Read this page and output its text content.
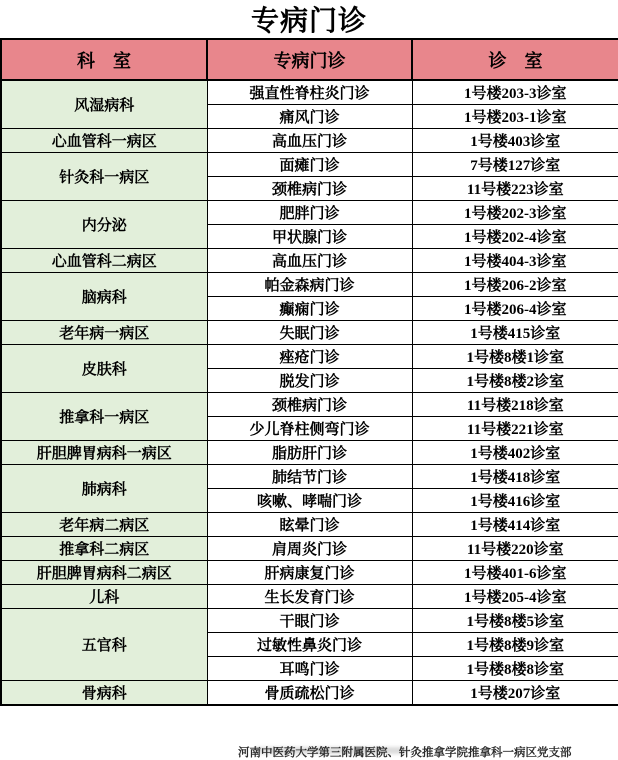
专病门诊
科　室	专病门诊	诊　室
风湿病科	强直性脊柱炎门诊	1号楼203-3诊室
	痛风门诊	1号楼203-1诊室
心血管科一病区	高血压门诊	1号楼403诊室
针灸科一病区	面瘫门诊	7号楼127诊室
	颈椎病门诊	11号楼223诊室
内分泌	肥胖门诊	1号楼202-3诊室
	甲状腺门诊	1号楼202-4诊室
心血管科二病区	高血压门诊	1号楼404-3诊室
脑病科	帕金森病门诊	1号楼206-2诊室
	癫痫门诊	1号楼206-4诊室
老年病一病区	失眠门诊	1号楼415诊室
皮肤科	痤疮门诊	1号楼8楼1诊室
	脱发门诊	1号楼8楼2诊室
推拿科一病区	颈椎病门诊	11号楼218诊室
	少儿脊柱侧弯门诊	11号楼221诊室
肝胆脾胃病科一病区	脂肪肝门诊	1号楼402诊室
肺病科	肺结节门诊	1号楼418诊室
	咳嗽、哮喘门诊	1号楼416诊室
老年病二病区	眩晕门诊	1号楼414诊室
推拿科二病区	肩周炎门诊	11号楼220诊室
肝胆脾胃病科二病区	肝病康复门诊	1号楼401-6诊室
儿科	生长发育门诊	1号楼205-4诊室
五官科	干眼门诊	1号楼8楼5诊室
	过敏性鼻炎门诊	1号楼8楼9诊室
	耳鸣门诊	1号楼8楼8诊室
骨病科	骨质疏松门诊	1号楼207诊室
河南中医药大学第三附属医院、针灸推拿学院推拿科一病区党支部
